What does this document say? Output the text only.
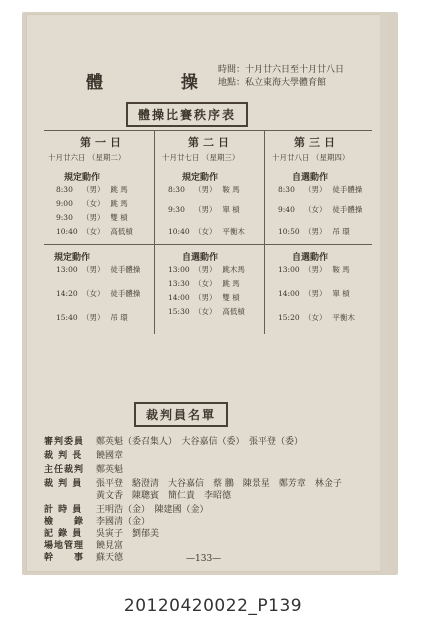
體 操
時間：十月廿六日至十月廿八日
地點：私立東海大學體育館
體操比賽秩序表
第一日
十月廿六日 （星期二）
規定動作
8:30 （男） 跳 馬
9:00 （女） 跳 馬
9:30 （男） 雙 槓
10:40 （女） 高低槓
規定動作
13:00 （男） 徒手體操
14:20 （女） 徒手體操
15:40 （男） 吊 環
第二日
十月廿七日 （星期三）
規定動作
8:30 （男） 鞍 馬
9:30 （男） 單 槓
10:40 （女） 平衡木
自選動作
13:00 （男） 跳木馬
13:30 （女） 跳 馬
14:00 （男） 雙 槓
15:30 （女） 高低槓
第三日
十月廿八日 （星期四）
自選動作
8:30 （男） 徒手體操
9:40 （女） 徒手體操
10:50 （男） 吊 環
自選動作
13:00 （男） 鞍 馬
14:00 （男） 單 槓
15:20 （女） 平衡木
裁判員名單
審判委員 鄭英魁（委召集人）　大谷嘉信（委）　張平登（委）
裁 判 長 饒國章
主任裁判 鄭英魁
裁 判 員 張平登　駱澄清　大谷嘉信　蔡 鵬　陳景星　鄭芳章　林金子
黃文香　陳聰賓　簡仁貴　李昭德
計 時 員 王明浩（金）　陳建國（金）
檢　　錄 李國清（金）
記 錄 員 吳寅子　劉郁美
場地管理 饒見富
幹　　事 蘇天德	—133—
20120420022_P139
